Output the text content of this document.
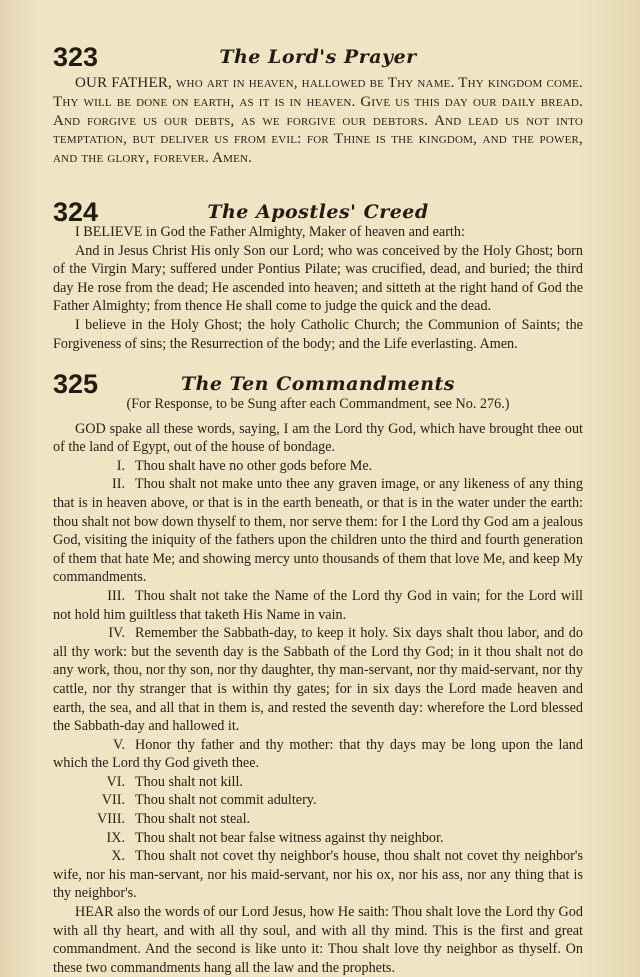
323	The Lord's Prayer

OUR FATHER, who art in heaven, hallowed be Thy name. Thy kingdom come. Thy will be done on earth, as it is in heaven. Give us this day our daily bread. And forgive us our debts, as we forgive our debtors. And lead us not into temptation, but deliver us from evil: for Thine is the kingdom, and the power, and the glory, forever. Amen.

324	The Apostles' Creed

I BELIEVE in God the Father Almighty, Maker of heaven and earth:

And in Jesus Christ His only Son our Lord; who was conceived by the Holy Ghost; born of the Virgin Mary; suffered under Pontius Pilate; was crucified, dead, and buried; the third day He rose from the dead; He ascended into heaven; and sitteth at the right hand of God the Father Almighty; from thence He shall come to judge the quick and the dead.

I believe in the Holy Ghost; the holy Catholic Church; the Communion of Saints; the Forgiveness of sins; the Resurrection of the body; and the Life everlasting. Amen.

325	The Ten Commandments
(For Response, to be Sung after each Commandment, see No. 276.)

GOD spake all these words, saying, I am the Lord thy God, which have brought thee out of the land of Egypt, out of the house of bondage.

I. Thou shalt have no other gods before Me.

II. Thou shalt not make unto thee any graven image, or any likeness of any thing that is in heaven above, or that is in the earth beneath, or that is in the water under the earth: thou shalt not bow down thyself to them, nor serve them: for I the Lord thy God am a jealous God, visiting the iniquity of the fathers upon the children unto the third and fourth generation of them that hate Me; and showing mercy unto thousands of them that love Me, and keep My commandments.

III. Thou shalt not take the Name of the Lord thy God in vain; for the Lord will not hold him guiltless that taketh His Name in vain.

IV. Remember the Sabbath-day, to keep it holy. Six days shalt thou labor, and do all thy work: but the seventh day is the Sabbath of the Lord thy God; in it thou shalt not do any work, thou, nor thy son, nor thy daughter, thy man-servant, nor thy maid-servant, nor thy cattle, nor thy stranger that is within thy gates; for in six days the Lord made heaven and earth, the sea, and all that in them is, and rested the seventh day: wherefore the Lord blessed the Sabbath-day and hallowed it.

V. Honor thy father and thy mother: that thy days may be long upon the land which the Lord thy God giveth thee.

VI. Thou shalt not kill.

VII. Thou shalt not commit adultery.

VIII. Thou shalt not steal.

IX. Thou shalt not bear false witness against thy neighbor.

X. Thou shalt not covet thy neighbor's house, thou shalt not covet thy neighbor's wife, nor his man-servant, nor his maid-servant, nor his ox, nor his ass, nor any thing that is thy neighbor's.

HEAR also the words of our Lord Jesus, how He saith: Thou shalt love the Lord thy God with all thy heart, and with all thy soul, and with all thy mind. This is the first and great commandment. And the second is like unto it: Thou shalt love thy neighbor as thyself. On these two commandments hang all the law and the prophets.
